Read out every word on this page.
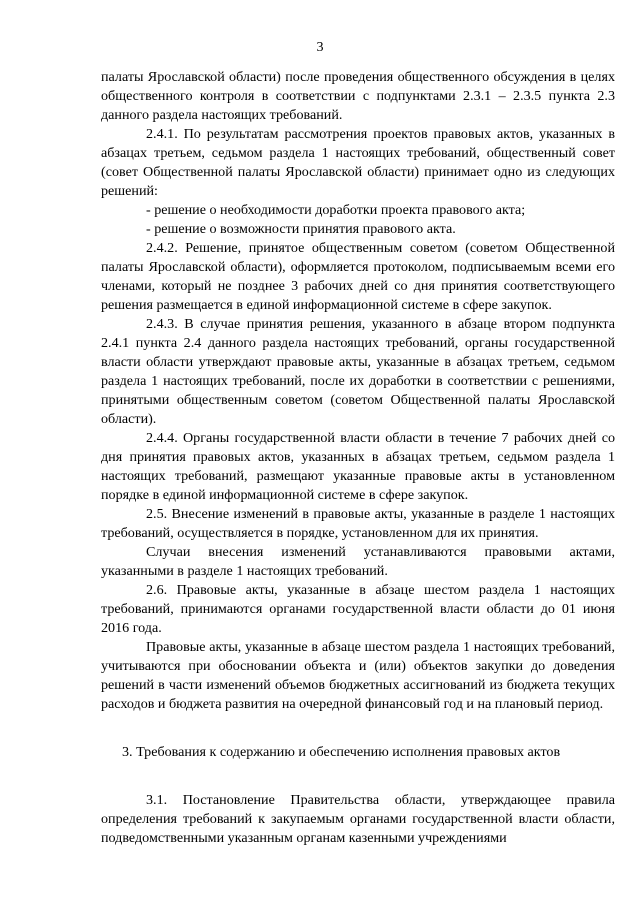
3

палаты Ярославской области) после проведения общественного обсуждения в целях общественного контроля в соответствии с подпунктами 2.3.1 – 2.3.5 пункта 2.3 данного раздела настоящих требований.

2.4.1. По результатам рассмотрения проектов правовых актов, указанных в абзацах третьем, седьмом раздела 1 настоящих требований, общественный совет (совет Общественной палаты Ярославской области) принимает одно из следующих решений:

- решение о необходимости доработки проекта правового акта;

- решение о возможности принятия правового акта.

2.4.2. Решение, принятое общественным советом (советом Общественной палаты Ярославской области), оформляется протоколом, подписываемым всеми его членами, который не позднее 3 рабочих дней со дня принятия соответствующего решения размещается в единой информационной системе в сфере закупок.

2.4.3. В случае принятия решения, указанного в абзаце втором подпункта 2.4.1 пункта 2.4 данного раздела настоящих требований, органы государственной власти области утверждают правовые акты, указанные в абзацах третьем, седьмом раздела 1 настоящих требований, после их доработки в соответствии с решениями, принятыми общественным советом (советом Общественной палаты Ярославской области).

2.4.4. Органы государственной власти области в течение 7 рабочих дней со дня принятия правовых актов, указанных в абзацах третьем, седьмом раздела 1 настоящих требований, размещают указанные правовые акты в установленном порядке в единой информационной системе в сфере закупок.

2.5. Внесение изменений в правовые акты, указанные в разделе 1 настоящих требований, осуществляется в порядке, установленном для их принятия.

Случаи внесения изменений устанавливаются правовыми актами, указанными в разделе 1 настоящих требований.

2.6. Правовые акты, указанные в абзаце шестом раздела 1 настоящих требований, принимаются органами государственной власти области до 01 июня 2016 года.

Правовые акты, указанные в абзаце шестом раздела 1 настоящих требований, учитываются при обосновании объекта и (или) объектов закупки до доведения решений в части изменений объемов бюджетных ассигнований из бюджета текущих расходов и бюджета развития на очередной финансовый год и на плановый период.

3. Требования к содержанию и обеспечению исполнения правовых актов

3.1. Постановление Правительства области, утверждающее правила определения требований к закупаемым органами государственной власти области, подведомственными указанным органам казенными учреждениями
